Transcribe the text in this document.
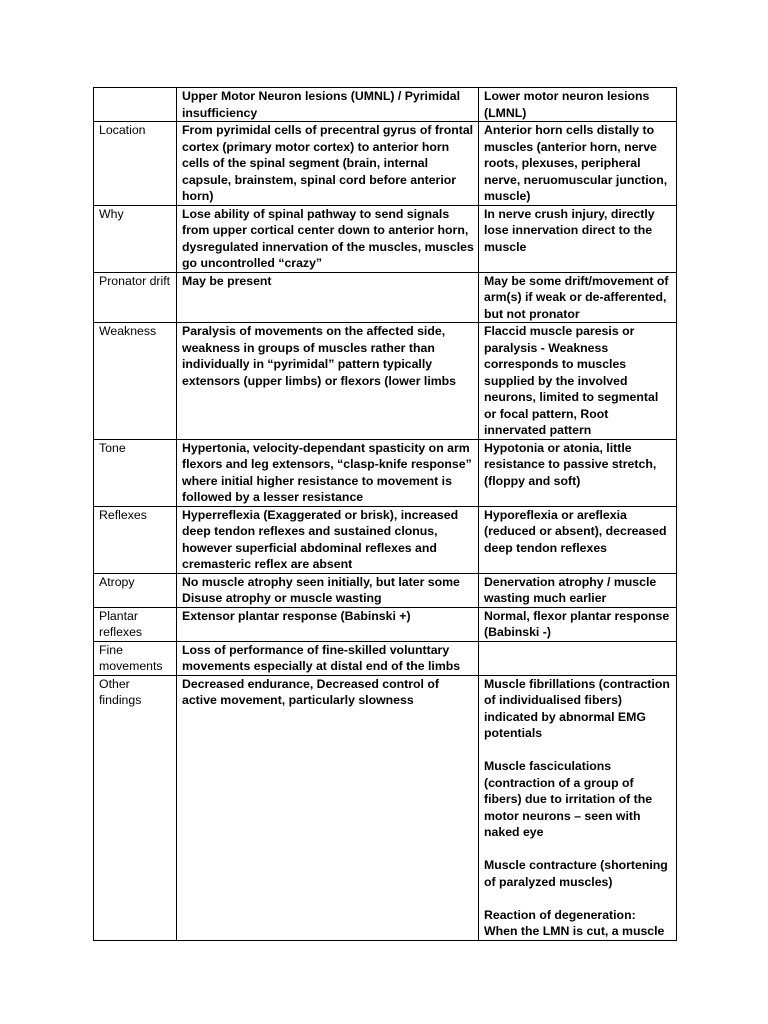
	Upper Motor Neuron lesions (UMNL) / Pyrimidal insufficiency	Lower motor neuron lesions (LMNL)
Location	From pyrimidal cells of precentral gyrus of frontal cortex (primary motor cortex) to anterior horn cells of the spinal segment (brain, internal capsule, brainstem, spinal cord before anterior horn)	Anterior horn cells distally to muscles (anterior horn, nerve roots, plexuses, peripheral nerve, neruomuscular junction, muscle)
Why	Lose ability of spinal pathway to send signals from upper cortical center down to anterior horn, dysregulated innervation of the muscles, muscles go uncontrolled “crazy”	In nerve crush injury, directly lose innervation direct to the muscle
Pronator drift	May be present	May be some drift/movement of arm(s) if weak or de-afferented, but not pronator
Weakness	Paralysis of movements on the affected side, weakness in groups of muscles rather than individually in “pyrimidal” pattern typically extensors (upper limbs) or flexors (lower limbs	Flaccid muscle paresis or paralysis - Weakness corresponds to muscles supplied by the involved neurons, limited to segmental or focal pattern, Root innervated pattern
Tone	Hypertonia, velocity-dependant spasticity on arm flexors and leg extensors, “clasp-knife response” where initial higher resistance to movement is followed by a lesser resistance	Hypotonia or atonia, little resistance to passive stretch, (floppy and soft)
Reflexes	Hyperreflexia (Exaggerated or brisk), increased deep tendon reflexes and sustained clonus, however superficial abdominal reflexes and cremasteric reflex are absent	Hyporeflexia or areflexia (reduced or absent), decreased deep tendon reflexes
Atropy	No muscle atrophy seen initially, but later some Disuse atrophy or muscle wasting	Denervation atrophy / muscle wasting much earlier
Plantar reflexes	Extensor plantar response (Babinski +)	Normal, flexor plantar response (Babinski -)
Fine movements	Loss of performance of fine-skilled volunttary movements especially at distal end of the limbs	
Other findings	Decreased endurance, Decreased control of active movement, particularly slowness	Muscle fibrillations (contraction of individualised fibers) indicated by abnormal EMG potentials

Muscle fasciculations (contraction of a group of fibers) due to irritation of the motor neurons – seen with naked eye

Muscle contracture (shortening of paralyzed muscles)

Reaction of degeneration: When the LMN is cut, a muscle
